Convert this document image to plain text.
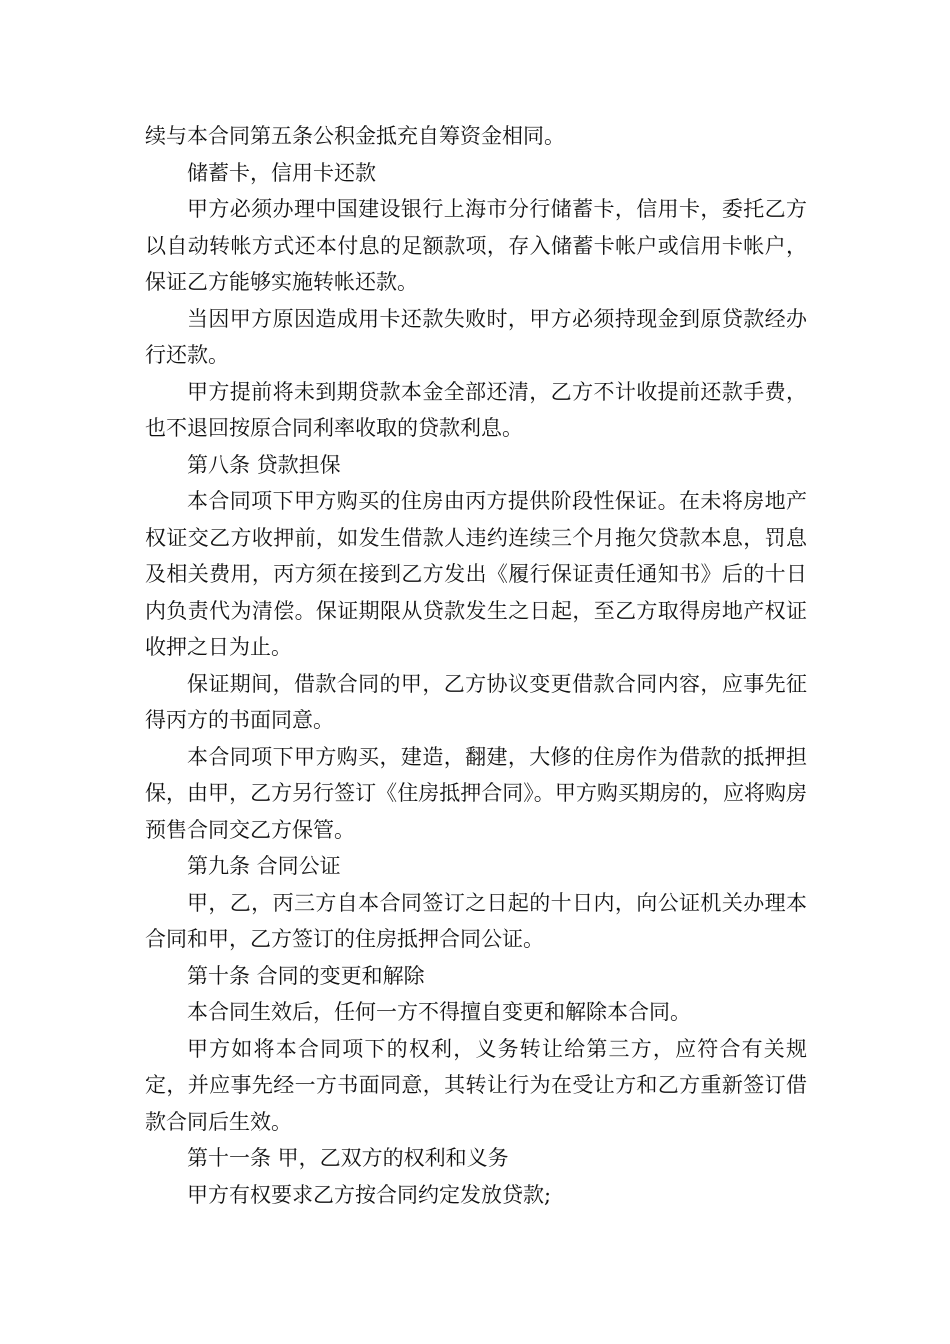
续与本合同第五条公积金抵充自筹资金相同。

储蓄卡，信用卡还款

甲方必须办理中国建设银行上海市分行储蓄卡，信用卡，委托乙方以自动转帐方式还本付息的足额款项，存入储蓄卡帐户或信用卡帐户，保证乙方能够实施转帐还款。

当因甲方原因造成用卡还款失败时，甲方必须持现金到原贷款经办行还款。

甲方提前将未到期贷款本金全部还清，乙方不计收提前还款手费，也不退回按原合同利率收取的贷款利息。

第八条 贷款担保

本合同项下甲方购买的住房由丙方提供阶段性保证。在未将房地产权证交乙方收押前，如发生借款人违约连续三个月拖欠贷款本息，罚息及相关费用，丙方须在接到乙方发出《履行保证责任通知书》后的十日内负责代为清偿。保证期限从贷款发生之日起，至乙方取得房地产权证收押之日为止。

保证期间，借款合同的甲，乙方协议变更借款合同内容，应事先征得丙方的书面同意。

本合同项下甲方购买，建造，翻建，大修的住房作为借款的抵押担保，由甲，乙方另行签订《住房抵押合同》。甲方购买期房的，应将购房预售合同交乙方保管。

第九条 合同公证

甲，乙，丙三方自本合同签订之日起的十日内，向公证机关办理本合同和甲，乙方签订的住房抵押合同公证。

第十条 合同的变更和解除

本合同生效后，任何一方不得擅自变更和解除本合同。

甲方如将本合同项下的权利，义务转让给第三方，应符合有关规定，并应事先经一方书面同意，其转让行为在受让方和乙方重新签订借款合同后生效。

第十一条 甲，乙双方的权利和义务

甲方有权要求乙方按合同约定发放贷款;
